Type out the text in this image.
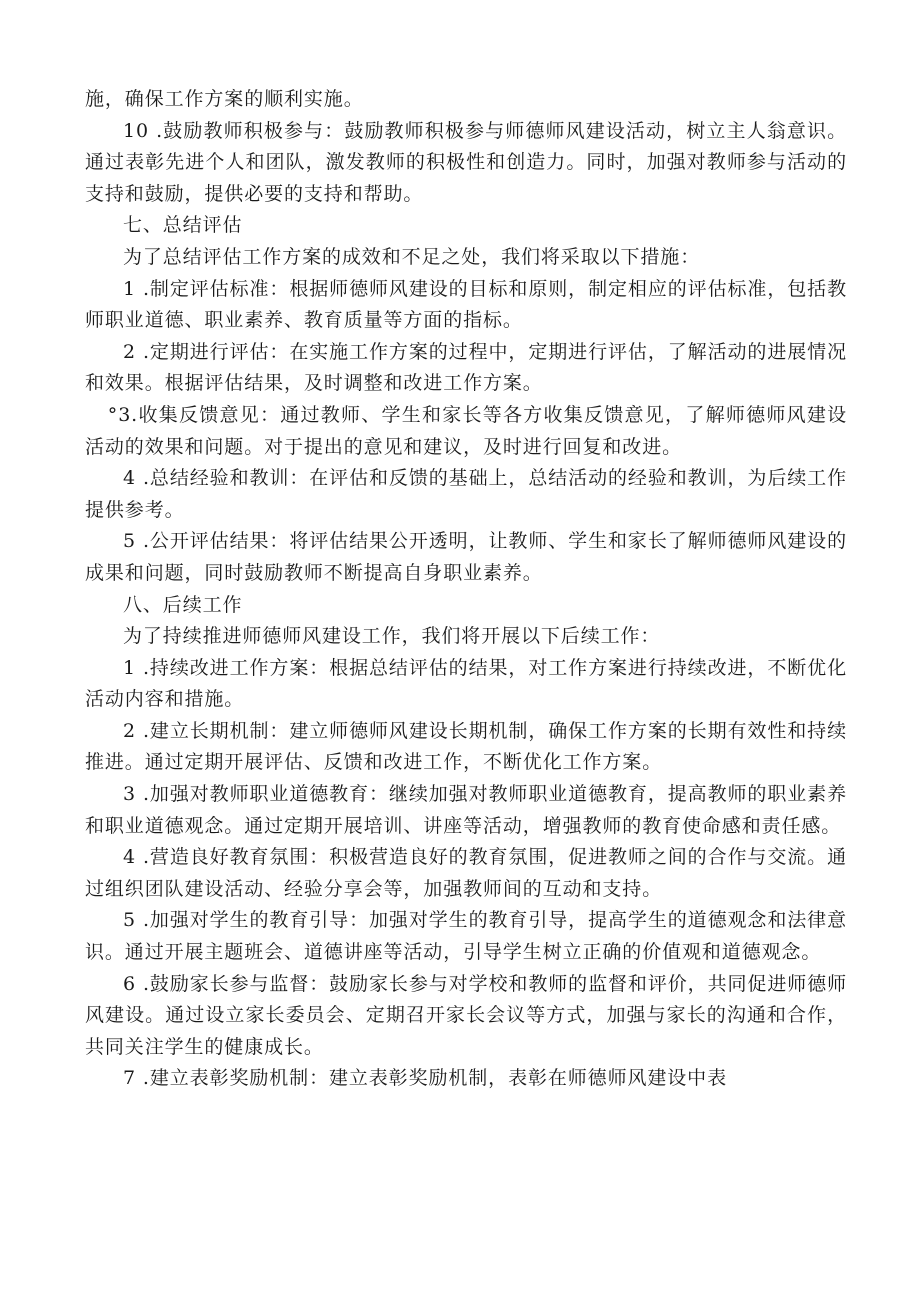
施，确保工作方案的顺利实施。

10 .鼓励教师积极参与：鼓励教师积极参与师德师风建设活动，树立主人翁意识。通过表彰先进个人和团队，激发教师的积极性和创造力。同时，加强对教师参与活动的支持和鼓励，提供必要的支持和帮助。

七、总结评估

为了总结评估工作方案的成效和不足之处，我们将采取以下措施：

1 .制定评估标准：根据师德师风建设的目标和原则，制定相应的评估标准，包括教师职业道德、职业素养、教育质量等方面的指标。

2 .定期进行评估：在实施工作方案的过程中，定期进行评估，了解活动的进展情况和效果。根据评估结果，及时调整和改进工作方案。

°3.收集反馈意见：通过教师、学生和家长等各方收集反馈意见，了解师德师风建设活动的效果和问题。对于提出的意见和建议，及时进行回复和改进。

4 .总结经验和教训：在评估和反馈的基础上，总结活动的经验和教训，为后续工作提供参考。

5 .公开评估结果：将评估结果公开透明，让教师、学生和家长了解师德师风建设的成果和问题，同时鼓励教师不断提高自身职业素养。

八、后续工作

为了持续推进师德师风建设工作，我们将开展以下后续工作：

1 .持续改进工作方案：根据总结评估的结果，对工作方案进行持续改进，不断优化活动内容和措施。

2 .建立长期机制：建立师德师风建设长期机制，确保工作方案的长期有效性和持续推进。通过定期开展评估、反馈和改进工作，不断优化工作方案。

3 .加强对教师职业道德教育：继续加强对教师职业道德教育，提高教师的职业素养和职业道德观念。通过定期开展培训、讲座等活动，增强教师的教育使命感和责任感。

4 .营造良好教育氛围：积极营造良好的教育氛围，促进教师之间的合作与交流。通过组织团队建设活动、经验分享会等，加强教师间的互动和支持。

5 .加强对学生的教育引导：加强对学生的教育引导，提高学生的道德观念和法律意识。通过开展主题班会、道德讲座等活动，引导学生树立正确的价值观和道德观念。

6 .鼓励家长参与监督：鼓励家长参与对学校和教师的监督和评价，共同促进师德师风建设。通过设立家长委员会、定期召开家长会议等方式，加强与家长的沟通和合作，共同关注学生的健康成长。

7 .建立表彰奖励机制：建立表彰奖励机制，表彰在师德师风建设中表
